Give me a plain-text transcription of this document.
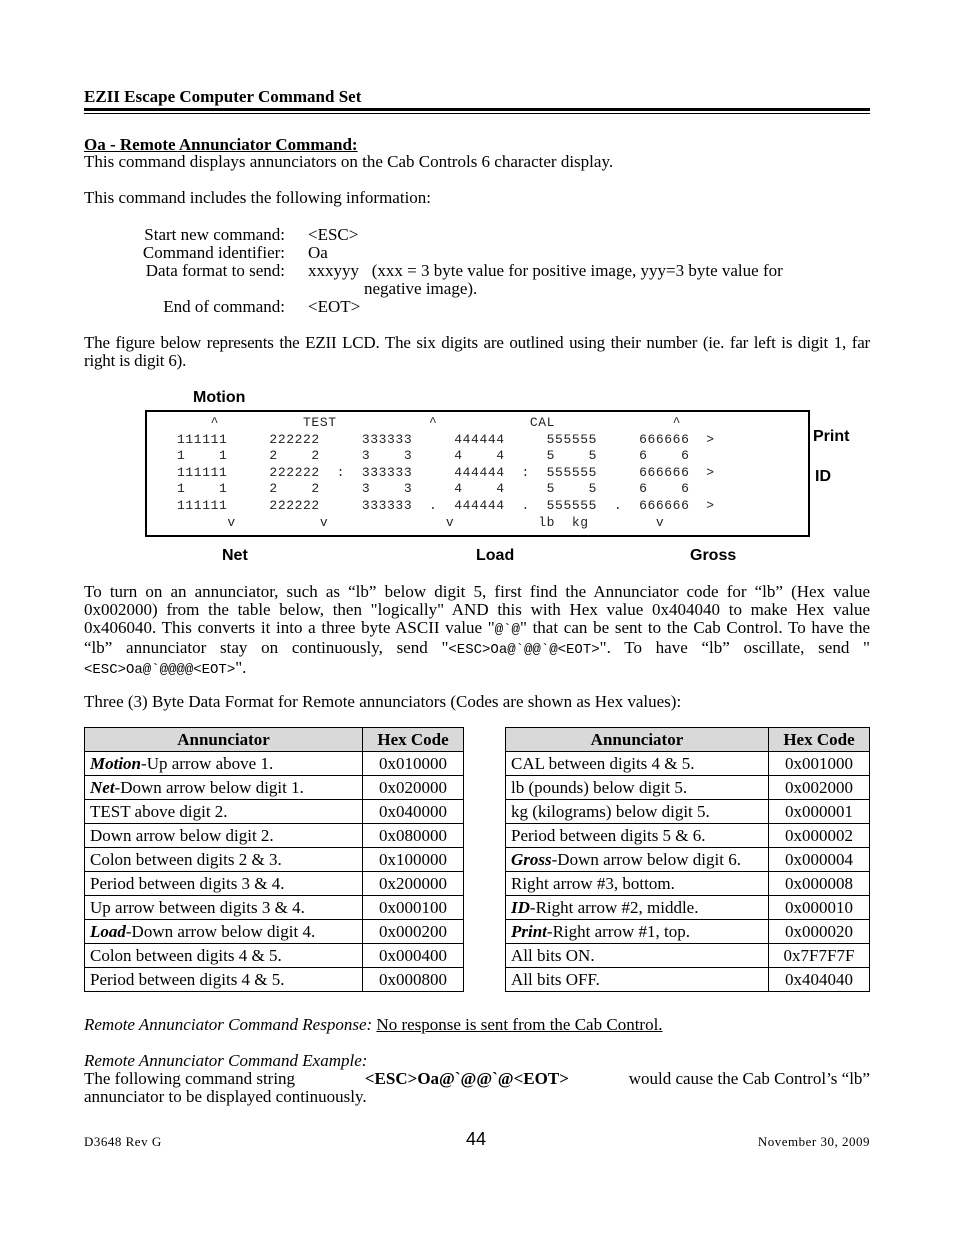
EZII Escape Computer Command Set
Oa - Remote Annunciator Command:
This command displays annunciators on the Cab Controls 6 character display.
This command includes the following information:
Start new command: <ESC>
Command identifier: Oa
Data format to send: xxxyyy   (xxx = 3 byte value for positive image, yyy=3 byte value for
negative image).
End of command: <EOT>
The figure below represents the EZII LCD. The six digits are outlined using their number (ie. far left is digit 1, far right is digit 6).
Motion
^          TEST           ^           CAL              ^
111111     222222     333333     444444     555555     666666  >
1    1     2    2     3    3     4    4     5    5     6    6
111111     222222  :  333333     444444  :  555555     666666  >
1    1     2    2     3    3     4    4     5    5     6    6
111111     222222     333333  .  444444  .  555555  .  666666  >
v          v              v          lb  kg        v
Print
ID
Net	Load	Gross
To turn on an annunciator, such as “lb” below digit 5, first find the Annunciator code for “lb” (Hex value 0x002000) from the table below, then "logically" AND this with Hex value 0x404040 to make Hex value 0x406040. This converts it into a three byte ASCII value "@`@" that can be sent to the Cab Control. To have the “lb” annunciator stay on continuously, send "<ESC>Oa@`@@`@<EOT>". To have “lb” oscillate, send "<ESC>Oa@`@@@@<EOT>".
Three (3) Byte Data Format for Remote annunciators (Codes are shown as Hex values):
Annunciator	Hex Code
Motion-Up arrow above 1.	0x010000
Net-Down arrow below digit 1.	0x020000
TEST above digit 2.	0x040000
Down arrow below digit 2.	0x080000
Colon between digits 2 & 3.	0x100000
Period between digits 3 & 4.	0x200000
Up arrow between digits 3 & 4.	0x000100
Load-Down arrow below digit 4.	0x000200
Colon between digits 4 & 5.	0x000400
Period between digits 4 & 5.	0x000800
Annunciator	Hex Code
CAL between digits 4 & 5.	0x001000
lb (pounds) below digit 5.	0x002000
kg (kilograms) below digit 5.	0x000001
Period between digits 5 & 6.	0x000002
Gross-Down arrow below digit 6.	0x000004
Right arrow #3, bottom.	0x000008
ID-Right arrow #2, middle.	0x000010
Print-Right arrow #1, top.	0x000020
All bits ON.	0x7F7F7F
All bits OFF.	0x404040
Remote Annunciator Command Response: No response is sent from the Cab Control.
Remote Annunciator Command Example:
The following command string	<ESC>Oa@`@@`@<EOT>	would cause the Cab Control’s “lb”
annunciator to be displayed continuously.
D3648 Rev G	44	November 30, 2009
